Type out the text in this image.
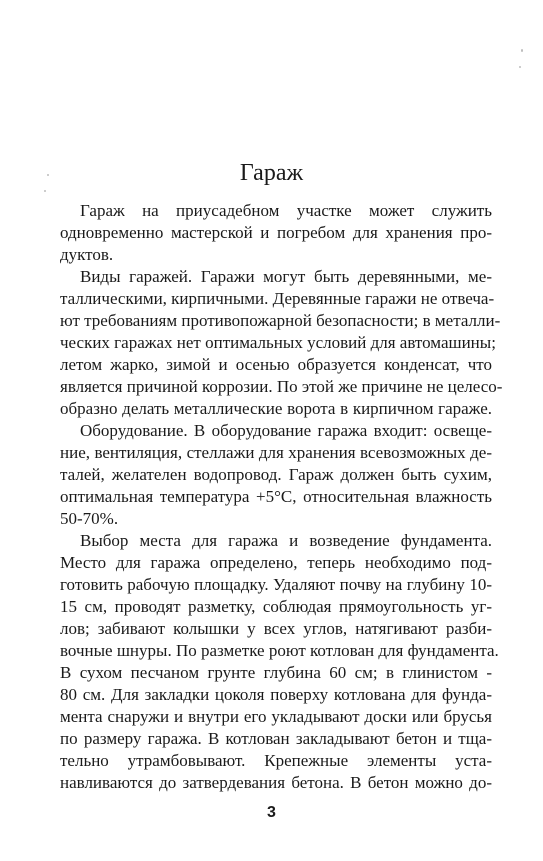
Гараж
Гараж на приусадебном участке может служить
одновременно мастерской и погребом для хранения про-
дуктов.
Виды гаражей. Гаражи могут быть деревянными, ме-
таллическими, кирпичными. Деревянные гаражи не отвеча-
ют требованиям противопожарной безопасности; в металли-
ческих гаражах нет оптимальных условий для автомашины;
летом жарко, зимой и осенью образуется конденсат, что
является причиной коррозии. По этой же причине не целесо-
образно делать металлические ворота в кирпичном гараже.
Оборудование. В оборудование гаража входит: освеще-
ние, вентиляция, стеллажи для хранения всевозможных де-
талей, желателен водопровод. Гараж должен быть сухим,
оптимальная температура +5°С, относительная влажность
50-70%.
Выбор места для гаража и возведение фундамента.
Место для гаража определено, теперь необходимо под-
готовить рабочую площадку. Удаляют почву на глубину 10-
15 см, проводят разметку, соблюдая прямоугольность уг-
лов; забивают колышки у всех углов, натягивают разби-
вочные шнуры. По разметке роют котлован для фундамента.
В сухом песчаном грунте глубина 60 см; в глинистом -
80 см. Для закладки цоколя поверху котлована для фунда-
мента снаружи и внутри его укладывают доски или брусья
по размеру гаража. В котлован закладывают бетон и тща-
тельно утрамбовывают. Крепежные элементы уста-
навливаются до затвердевания бетона. В бетон можно до-
3
